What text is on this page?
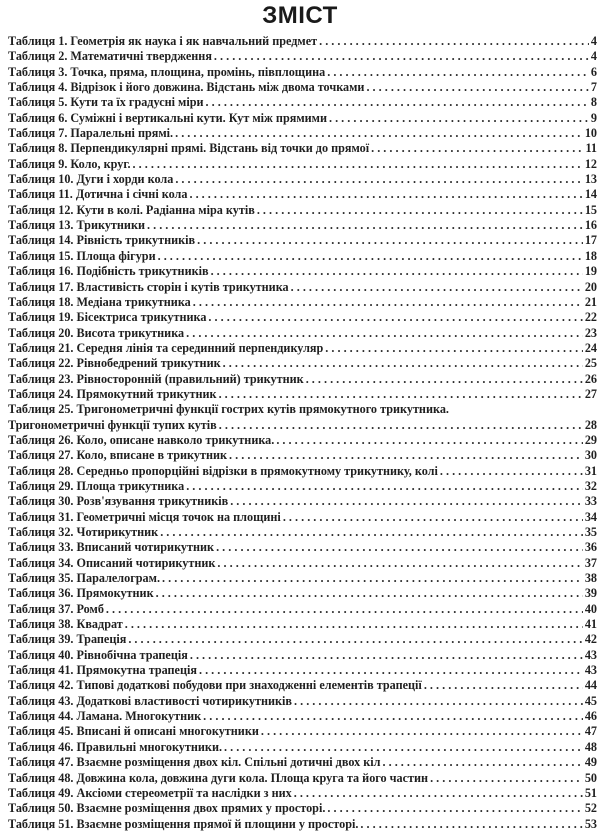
ЗМІСТ
Таблиця 1. Геометрія як наука і як навчальний предмет . . .	4
Таблиця 2. Математичні твердження . . .	4
Таблиця 3. Точка, пряма, площина, промінь, півплощина . . .	6
Таблиця 4. Відрізок і його довжина. Відстань між двома точками . . .	7
Таблиця 5. Кути та їх градусні міри . . .	8
Таблиця 6. Суміжні і вертикальні кути. Кут між прямими . . .	9
Таблиця 7. Паралельні прямі. . . .	10
Таблиця 8. Перпендикулярні прямі. Відстань від точки до прямої . . .	11
Таблиця 9. Коло, круг. . . .	12
Таблиця 10. Дуги і хорди кола . . .	13
Таблиця 11. Дотична і січні кола . . .	14
Таблиця 12. Кути в колі. Радіанна міра кутів . . .	15
Таблиця 13. Трикутники . . .	16
Таблиця 14. Рівність трикутників . . .	17
Таблиця 15. Площа фігури . . .	18
Таблиця 16. Подібність трикутників . . .	19
Таблиця 17. Властивість сторін і кутів трикутника . . .	20
Таблиця 18. Медіана трикутника . . .	21
Таблиця 19. Бісектриса трикутника . . .	22
Таблиця 20. Висота трикутника . . .	23
Таблиця 21. Середня лінія та серединний перпендикуляр . . .	24
Таблиця 22. Рівнобедрений трикутник . . .	25
Таблиця 23. Рівносторонній (правильний) трикутник . . .	26
Таблиця 24. Прямокутний трикутник . . .	27
Таблиця 25. Тригонометричні функції гострих кутів прямокутного трикутника.
Тригонометричні функції тупих кутів . . .	28
Таблиця 26. Коло, описане навколо трикутника. . . .	29
Таблиця 27. Коло, вписане в трикутник . . .	30
Таблиця 28. Середньо пропорційні відрізки в прямокутному трикутнику, колі . . .	31
Таблиця 29. Площа трикутника . . .	32
Таблиця 30. Розв'язування трикутників . . .	33
Таблиця 31. Геометричні місця точок на площині . . .	34
Таблиця 32. Чотирикутник . . .	35
Таблиця 33. Вписаний чотирикутник . . .	36
Таблиця 34. Описаний чотирикутник . . .	37
Таблиця 35. Паралелограм. . . .	38
Таблиця 36. Прямокутник . . .	39
Таблиця 37. Ромб . . .	40
Таблиця 38. Квадрат . . .	41
Таблиця 39. Трапеція . . .	42
Таблиця 40. Рівнобічна трапеція . . .	43
Таблиця 41. Прямокутна трапеція . . .	43
Таблиця 42. Типові додаткові побудови при знаходженні елементів трапеції . . .	44
Таблиця 43. Додаткові властивості чотирикутників . . .	45
Таблиця 44. Ламана. Многокутник . . .	46
Таблиця 45. Вписані й описані многокутники . . .	47
Таблиця 46. Правильні многокутники. . . .	48
Таблиця 47. Взаємне розміщення двох кіл. Спільні дотичні двох кіл . . .	49
Таблиця 48. Довжина кола, довжина дуги кола. Площа круга та його частин . . .	50
Таблиця 49. Аксіоми стереометрії та наслідки з них . . .	51
Таблиця 50. Взаємне розміщення двох прямих у просторі. . . .	52
Таблиця 51. Взаємне розміщення прямої й площини у просторі. . . .	53
